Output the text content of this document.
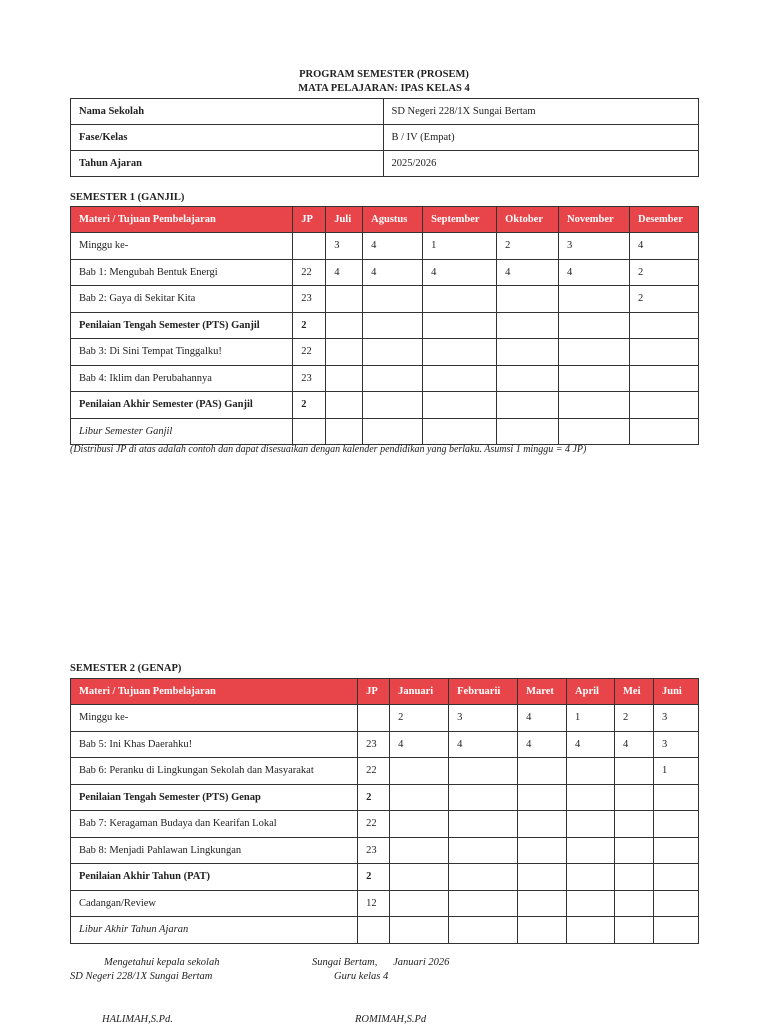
PROGRAM SEMESTER (PROSEM)
MATA PELAJARAN: IPAS KELAS 4
Nama Sekolah	SD Negeri 228/1X Sungai Bertam
Fase/Kelas	B / IV (Empat)
Tahun Ajaran	2025/2026
SEMESTER 1 (GANJIL)
Materi / Tujuan Pembelajaran	JP	Juli	Agustus	September	Oktober	November	Desember
Minggu ke-		3	4	1	2	3	4
Bab 1: Mengubah Bentuk Energi	22	4	4	4	4	4	2
Bab 2: Gaya di Sekitar Kita	23						2
Penilaian Tengah Semester (PTS) Ganjil	2						
Bab 3: Di Sini Tempat Tinggalku!	22						
Bab 4: Iklim dan Perubahannya	23						
Penilaian Akhir Semester (PAS) Ganjil	2						
Libur Semester Ganjil							
(Distribusi JP di atas adalah contoh dan dapat disesuaikan dengan kalender pendidikan yang berlaku. Asumsi 1 minggu = 4 JP)
SEMESTER 2 (GENAP)
Materi / Tujuan Pembelajaran	JP	Januari	Februarii	Maret	April	Mei	Juni
Minggu ke-		2	3	4	1	2	3
Bab 5: Ini Khas Daerahku!	23	4	4	4	4	4	3
Bab 6: Peranku di Lingkungan Sekolah dan Masyarakat	22						1
Penilaian Tengah Semester (PTS) Genap	2						
Bab 7: Keragaman Budaya dan Kearifan Lokal	22						
Bab 8: Menjadi Pahlawan Lingkungan	23						
Penilaian Akhir Tahun (PAT)	2						
Cadangan/Review	12						
Libur Akhir Tahun Ajaran							
Mengetahui kepala sekolah
SD Negeri 228/1X Sungai Bertam
HALIMAH,S.Pd.
Sungai Bertam,      Januari 2026
Guru kelas 4
ROMIMAH,S.Pd
